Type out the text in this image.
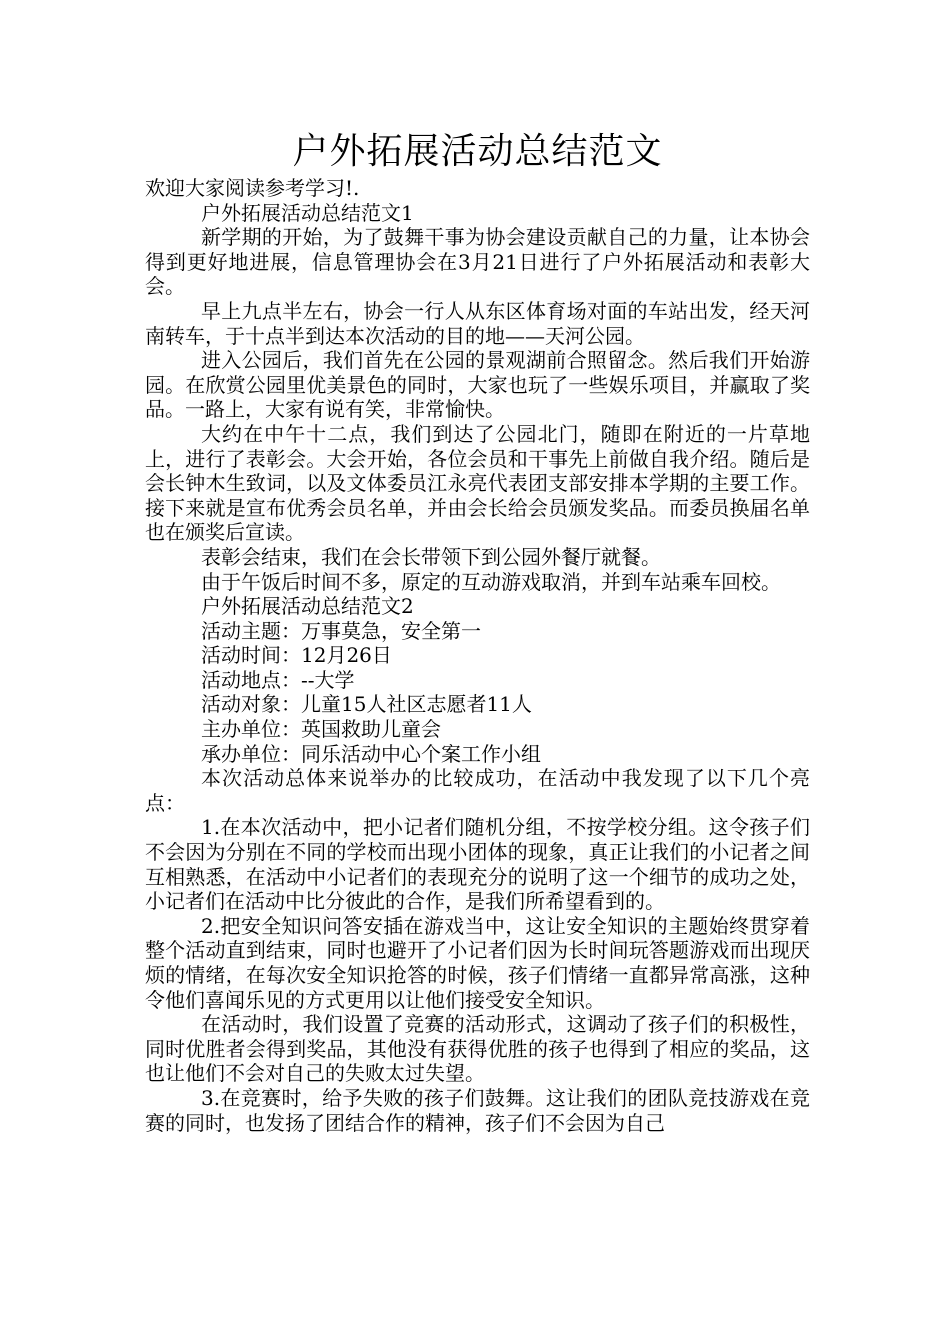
户外拓展活动总结范文

欢迎大家阅读参考学习!.

户外拓展活动总结范文1

新学期的开始，为了鼓舞干事为协会建设贡献自己的力量，让本协会得到更好地进展，信息管理协会在3月21日进行了户外拓展活动和表彰大会。

早上九点半左右，协会一行人从东区体育场对面的车站出发，经天河南转车，于十点半到达本次活动的目的地——天河公园。

进入公园后，我们首先在公园的景观湖前合照留念。然后我们开始游园。在欣赏公园里优美景色的同时，大家也玩了一些娱乐项目，并赢取了奖品。一路上，大家有说有笑，非常愉快。

大约在中午十二点，我们到达了公园北门，随即在附近的一片草地上，进行了表彰会。大会开始，各位会员和干事先上前做自我介绍。随后是会长钟木生致词，以及文体委员江永亮代表团支部安排本学期的主要工作。接下来就是宣布优秀会员名单，并由会长给会员颁发奖品。而委员换届名单也在颁奖后宣读。

表彰会结束，我们在会长带领下到公园外餐厅就餐。

由于午饭后时间不多，原定的互动游戏取消，并到车站乘车回校。

户外拓展活动总结范文2

活动主题：万事莫急，安全第一

活动时间：12月26日

活动地点：--大学

活动对象：儿童15人社区志愿者11人

主办单位：英国救助儿童会

承办单位：同乐活动中心个案工作小组

本次活动总体来说举办的比较成功，在活动中我发现了以下几个亮点：

1.在本次活动中，把小记者们随机分组，不按学校分组。这令孩子们不会因为分别在不同的学校而出现小团体的现象，真正让我们的小记者之间互相熟悉，在活动中小记者们的表现充分的说明了这一个细节的成功之处，小记者们在活动中比分彼此的合作，是我们所希望看到的。

2.把安全知识问答安插在游戏当中，这让安全知识的主题始终贯穿着整个活动直到结束，同时也避开了小记者们因为长时间玩答题游戏而出现厌烦的情绪，在每次安全知识抢答的时候，孩子们情绪一直都异常高涨，这种令他们喜闻乐见的方式更用以让他们接受安全知识。

在活动时，我们设置了竞赛的活动形式，这调动了孩子们的积极性，同时优胜者会得到奖品，其他没有获得优胜的孩子也得到了相应的奖品，这也让他们不会对自己的失败太过失望。

3.在竞赛时，给予失败的孩子们鼓舞。这让我们的团队竞技游戏在竞赛的同时，也发扬了团结合作的精神，孩子们不会因为自己
